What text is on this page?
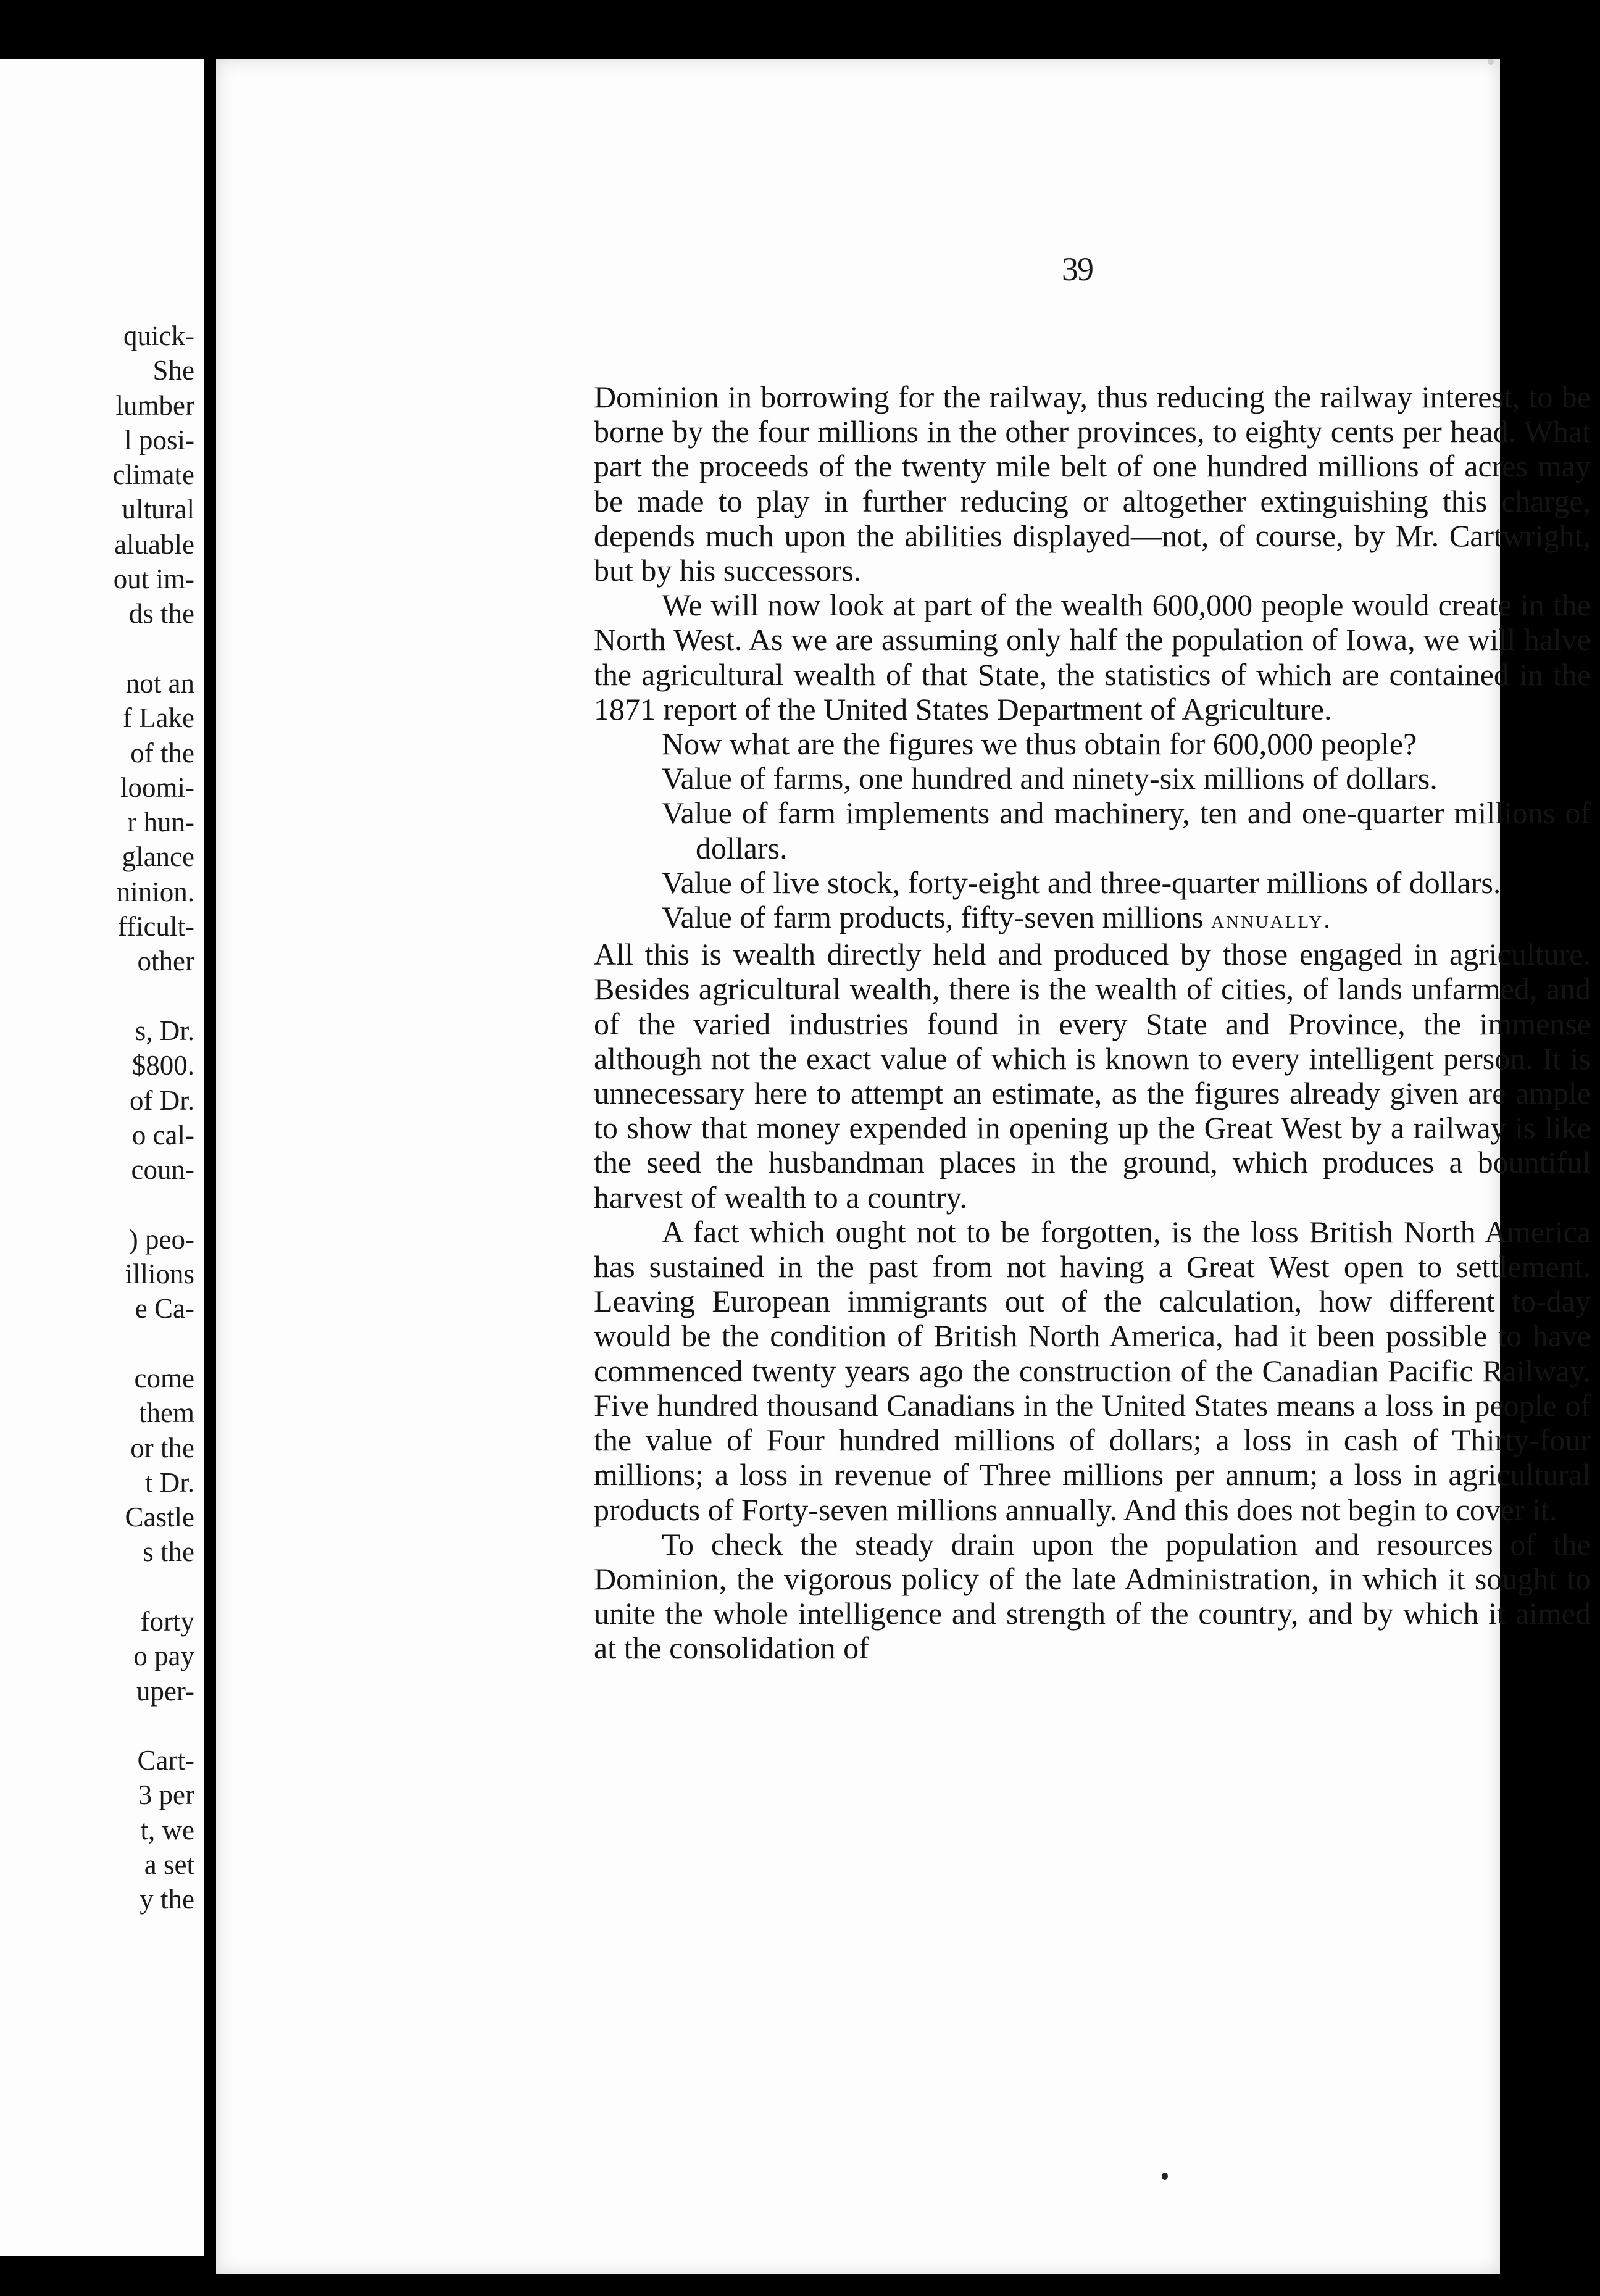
quick-
She
lumber
l posi-
climate
ultural
aluable
out im-
ds the
not an
f Lake
of the
loomi-
r hun-
glance
ninion.
fficult-
other
s, Dr.
$800.
of Dr.
o cal-
coun-
) peo-
illions
e Ca-
come
them
or the
t Dr.
Castle
s the
forty
o pay
uper-
Cart-
3 per
t, we
a set
y the
39

Dominion in borrowing for the railway, thus reducing the railway interest, to be borne by the four millions in the other provinces, to eighty cents per head. What part the proceeds of the twenty mile belt of one hundred millions of acres may be made to play in further reducing or altogether extinguishing this charge, depends much upon the abilities displayed—not, of course, by Mr. Cartwright, but by his successors.

We will now look at part of the wealth 600,000 people would create in the North West. As we are assuming only half the population of Iowa, we will halve the agricultural wealth of that State, the statistics of which are contained in the 1871 report of the United States Department of Agriculture.

Now what are the figures we thus obtain for 600,000 people?

Value of farms, one hundred and ninety-six millions of dollars.

Value of farm implements and machinery, ten and one-quarter millions of dollars.

Value of live stock, forty-eight and three-quarter millions of dollars.

Value of farm products, fifty-seven millions annually.

All this is wealth directly held and produced by those engaged in agriculture. Besides agricultural wealth, there is the wealth of cities, of lands unfarmed, and of the varied industries found in every State and Province, the immense although not the exact value of which is known to every intelligent person. It is unnecessary here to attempt an estimate, as the figures already given are ample to show that money expended in opening up the Great West by a railway is like the seed the husbandman places in the ground, which produces a bountiful harvest of wealth to a country.

A fact which ought not to be forgotten, is the loss British North America has sustained in the past from not having a Great West open to settlement. Leaving European immigrants out of the calculation, how different to-day would be the condition of British North America, had it been possible to have commenced twenty years ago the construction of the Canadian Pacific Railway. Five hundred thousand Canadians in the United States means a loss in people of the value of Four hundred millions of dollars; a loss in cash of Thirty-four millions; a loss in revenue of Three millions per annum; a loss in agricultural products of Forty-seven millions annually. And this does not begin to cover it.

To check the steady drain upon the population and resources of the Dominion, the vigorous policy of the late Administration, in which it sought to unite the whole intelligence and strength of the country, and by which it aimed at the consolidation of
